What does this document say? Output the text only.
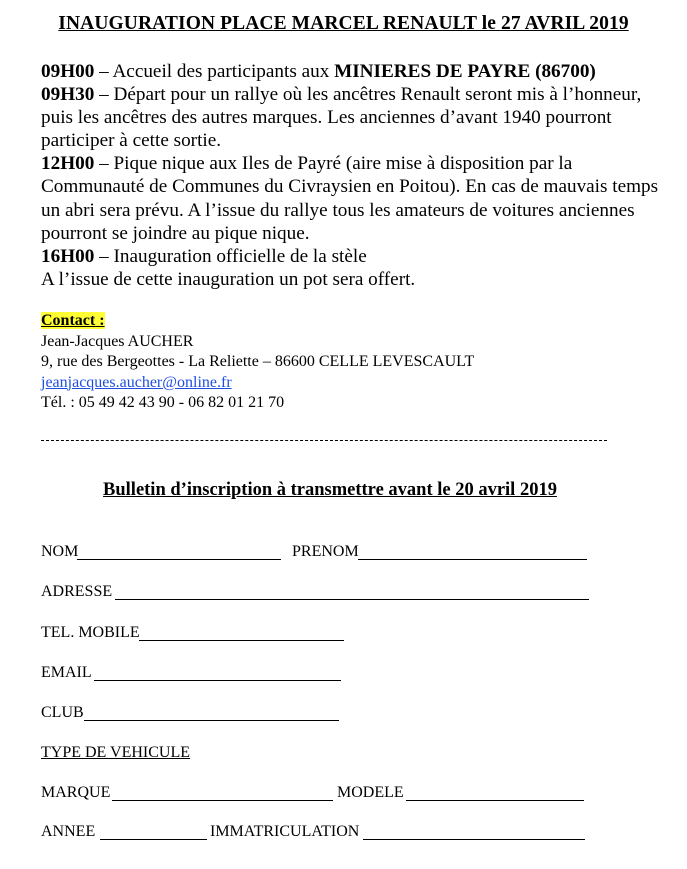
INAUGURATION PLACE MARCEL RENAULT le 27 AVRIL 2019

09H00 – Accueil des participants aux MINIERES DE PAYRE (86700)

09H30 – Départ pour un rallye où les ancêtres Renault seront mis à l’honneur, puis les ancêtres des autres marques. Les anciennes d’avant 1940 pourront participer à cette sortie.

12H00 – Pique nique aux Iles de Payré (aire mise à disposition par la Communauté de Communes du Civraysien en Poitou). En cas de mauvais temps un abri sera prévu. A l’issue du rallye tous les amateurs de voitures anciennes pourront se joindre au pique nique.

16H00 – Inauguration officielle de la stèle

A l’issue de cette inauguration un pot sera offert.

Contact :

Jean-Jacques AUCHER

9, rue des Bergeottes - La Reliette – 86600 CELLE LEVESCAULT

jeanjacques.aucher@online.fr

Tél. : 05 49 42 43 90 - 06 82 01 21 70

Bulletin d’inscription à transmettre avant le 20 avril 2019
NOM	PRENOM
ADRESSE
TEL. MOBILE
EMAIL
CLUB
TYPE DE VEHICULE
MARQUE	MODELE
ANNEE	IMMATRICULATION
